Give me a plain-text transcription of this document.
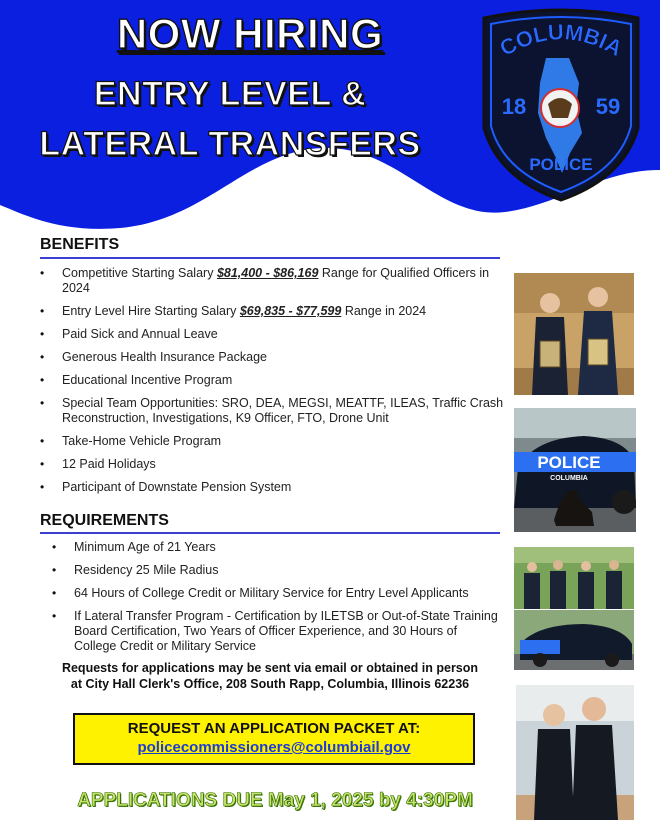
NOW HIRING
ENTRY LEVEL &
LATERAL TRANSFERS
COLUMBIA
18	59
POLICE
BENEFITS
• Competitive Starting Salary $81,400 - $86,169 Range for Qualified Officers in 2024
• Entry Level Hire Starting Salary $69,835 - $77,599 Range in 2024
• Paid Sick and Annual Leave
• Generous Health Insurance Package
• Educational Incentive Program
• Special Team Opportunities: SRO, DEA, MEGSI, MEATTF, ILEAS, Traffic Crash Reconstruction, Investigations, K9 Officer, FTO, Drone Unit
• Take-Home Vehicle Program
• 12 Paid Holidays
• Participant of Downstate Pension System
REQUIREMENTS
• Minimum Age of 21 Years
• Residency 25 Mile Radius
• 64 Hours of College Credit or Military Service for Entry Level Applicants
• If Lateral Transfer Program - Certification by ILETSB or Out-of-State Training Board Certification, Two Years of Officer Experience, and 30 Hours of College Credit or Military Service
Requests for applications may be sent via email or obtained in person
at City Hall Clerk's Office, 208 South Rapp, Columbia, Illinois 62236
REQUEST AN APPLICATION PACKET AT:
policecommissioners@columbiail.gov
APPLICATIONS DUE May 1, 2025 by 4:30PM
POLICE
COLUMBIA
